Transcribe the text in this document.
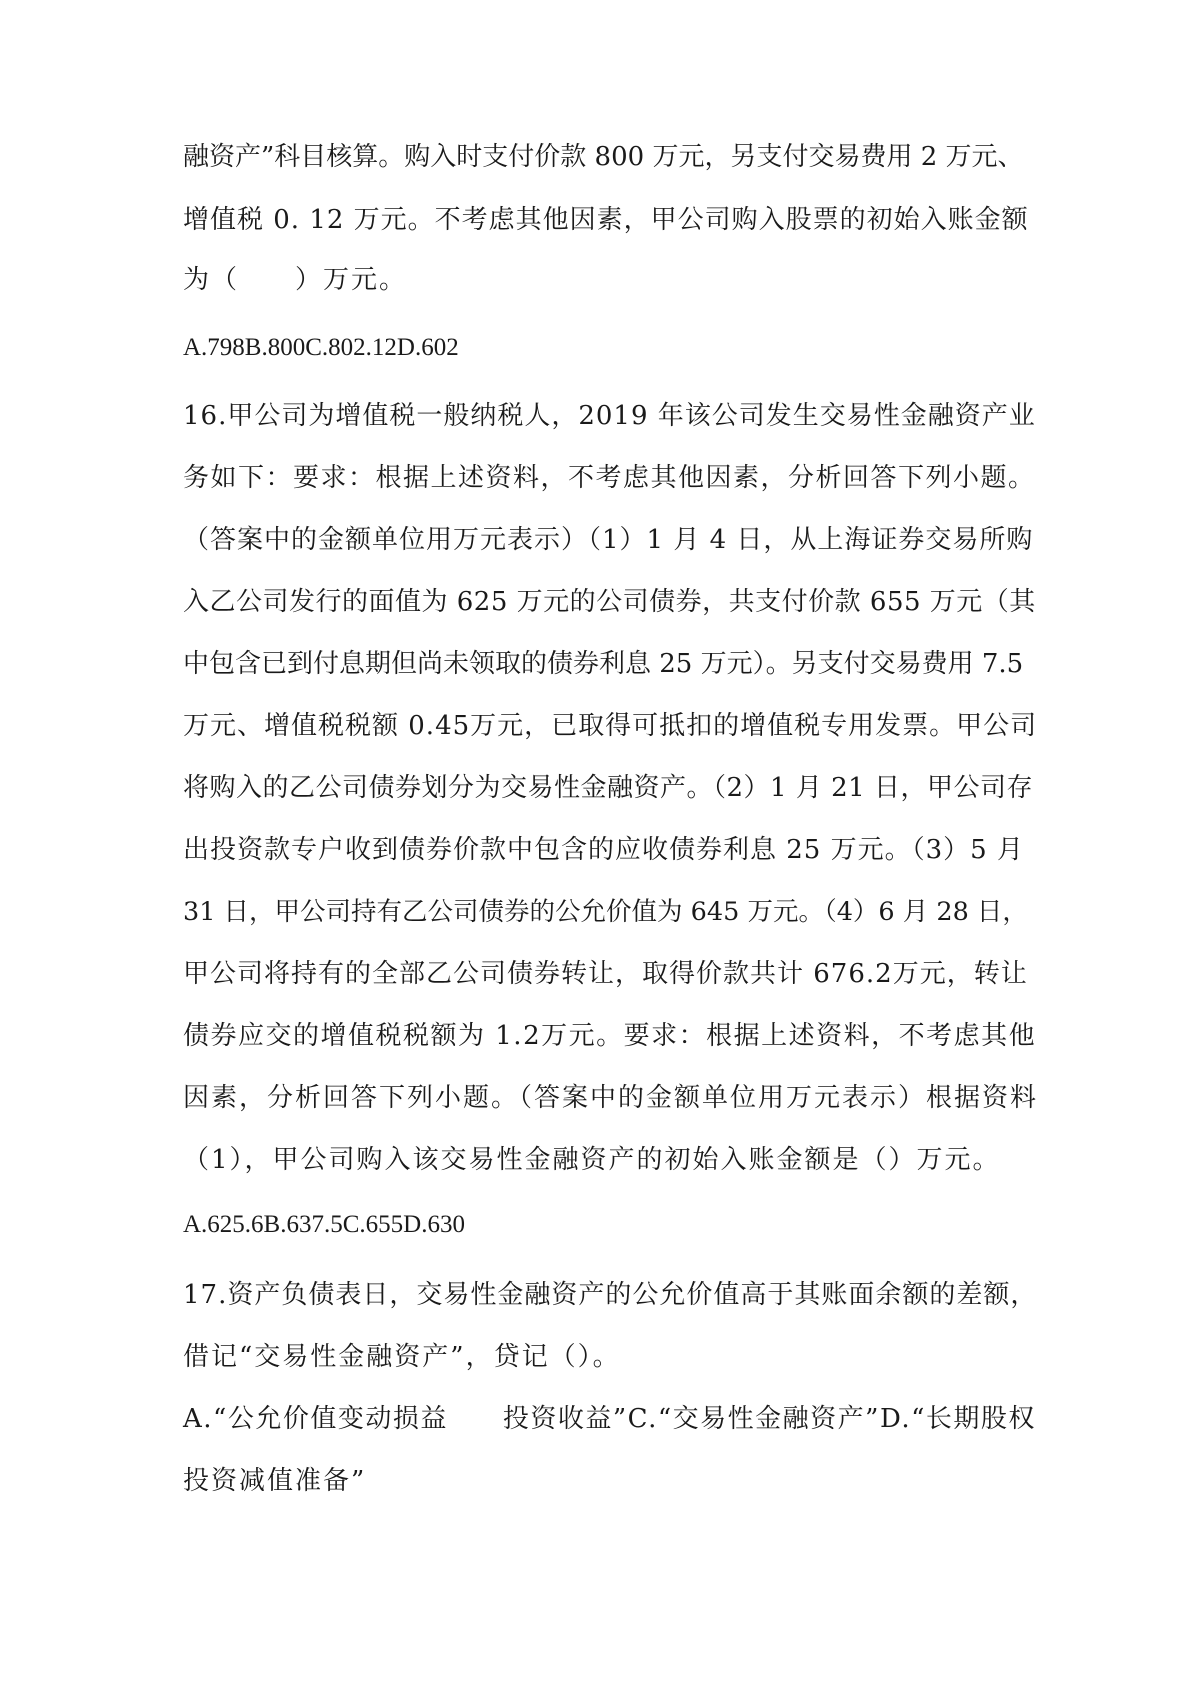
融资产”科目核算。购入时支付价款 800 万元，另支付交易费用 2 万元、

增值税 0. 12 万元。不考虑其他因素，甲公司购入股票的初始入账金额

为（　　）万元。

A.798B.800C.802.12D.602

16.甲公司为增值税一般纳税人，2019 年该公司发生交易性金融资产业

务如下：要求：根据上述资料，不考虑其他因素，分析回答下列小题。

（答案中的金额单位用万元表示）（1）1 月 4 日，从上海证券交易所购

入乙公司发行的面值为 625 万元的公司债券，共支付价款 655 万元（其

中包含已到付息期但尚未领取的债券利息 25 万元）。另支付交易费用 7.5

万元、增值税税额 0.45万元，已取得可抵扣的增值税专用发票。甲公司

将购入的乙公司债券划分为交易性金融资产。（2）1 月 21 日，甲公司存

出投资款专户收到债券价款中包含的应收债券利息 25 万元。（3）5 月

31 日，甲公司持有乙公司债券的公允价值为 645 万元。（4）6 月 28 日，

甲公司将持有的全部乙公司债券转让，取得价款共计 676.2万元，转让

债券应交的增值税税额为 1.2万元。要求：根据上述资料，不考虑其他

因素，分析回答下列小题。（答案中的金额单位用万元表示）根据资料

（1），甲公司购入该交易性金融资产的初始入账金额是（）万元。

A.625.6B.637.5C.655D.630

17.资产负债表日，交易性金融资产的公允价值高于其账面余额的差额，

借记“交易性金融资产”，贷记（）。

A.“公允价值变动损益　　投资收益”C.“交易性金融资产”D.“长期股权

投资减值准备”
